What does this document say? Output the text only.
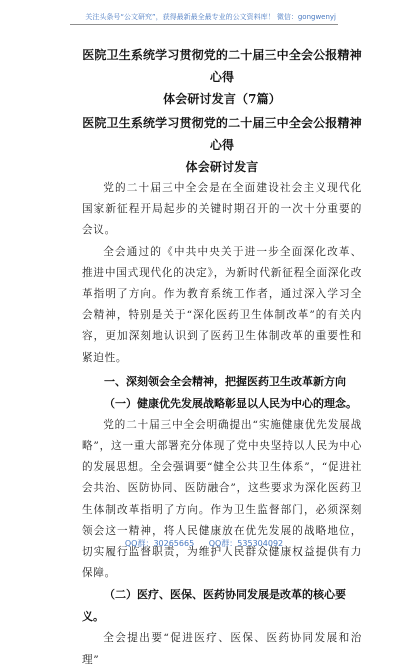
关注头条号“公文研究”，获得最新最全最专业的公文资料库！ 微信：gongwenyj
医院卫生系统学习贯彻党的二十届三中全会公报精神心得
体会研讨发言（7篇）
医院卫生系统学习贯彻党的二十届三中全会公报精神心得
体会研讨发言

党的二十届三中全会是在全面建设社会主义现代化国家新征程开局起步的关键时期召开的一次十分重要的会议。

全会通过的《中共中央关于进一步全面深化改革、推进中国式现代化的决定》，为新时代新征程全面深化改革指明了方向。作为教育系统工作者，通过深入学习全会精神，特别是关于“深化医药卫生体制改革”的有关内容，更加深刻地认识到了医药卫生体制改革的重要性和紧迫性。

一、深刻领会全会精神，把握医药卫生改革新方向

（一）健康优先发展战略彰显以人民为中心的理念。

党的二十届三中全会明确提出“实施健康优先发展战略”，这一重大部署充分体现了党中央坚持以人民为中心的发展思想。全会强调要“健全公共卫生体系”，“促进社会共治、医防协同、医防融合”，这些要求为深化医药卫生体制改革指明了方向。作为卫生监督部门，必须深刻领会这一精神，将人民健康放在优先发展的战略地位，切实履行监督职责，为维护人民群众健康权益提供有力保障。

（二）医疗、医保、医药协同发展是改革的核心要义。

全会提出要“促进医疗、医保、医药协同发展和治理”

QQ群：30265665 QQ群：535304092
